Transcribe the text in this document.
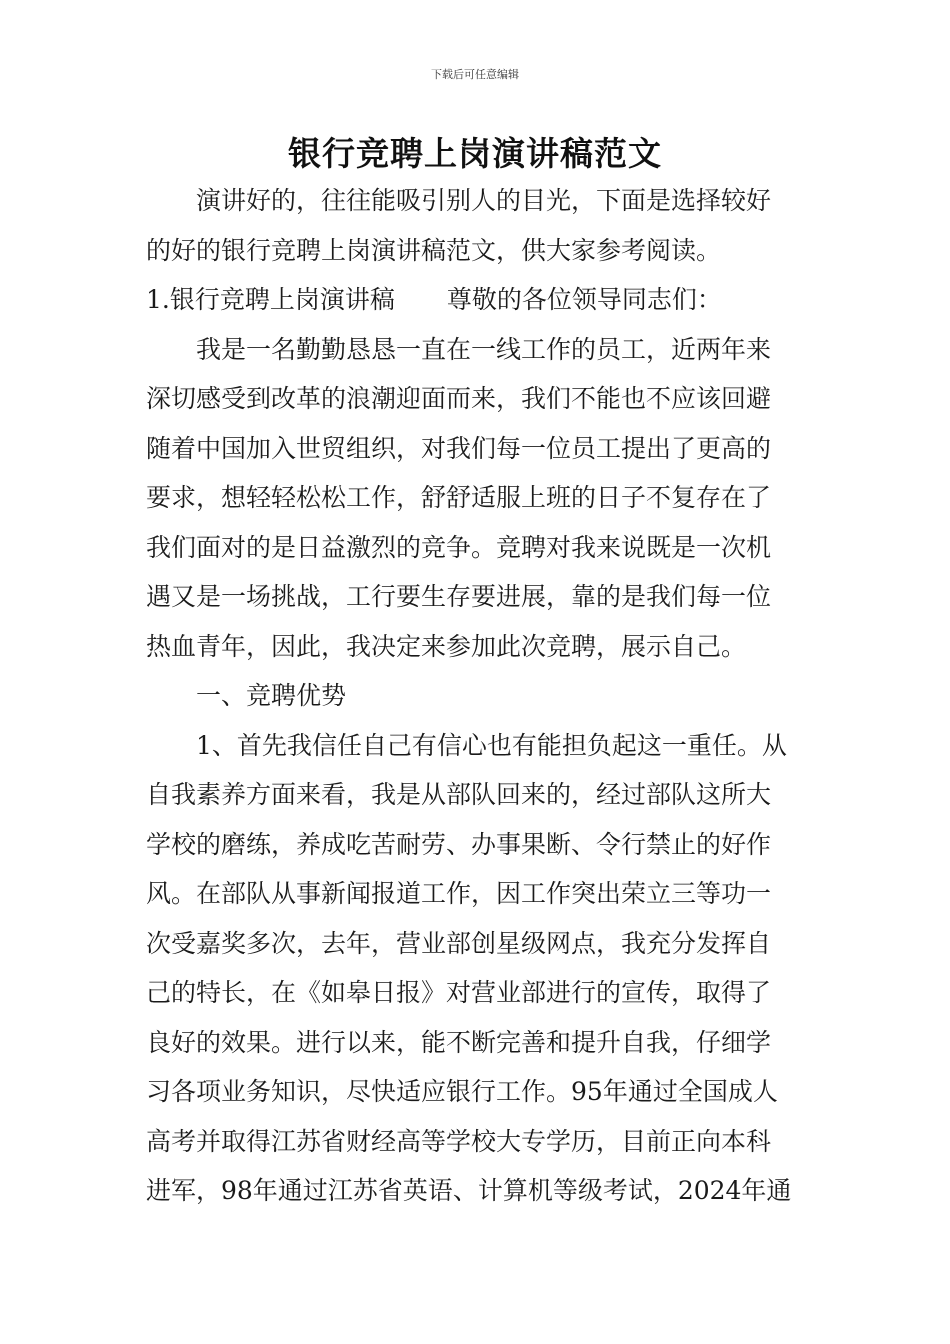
下载后可任意编辑
银行竞聘上岗演讲稿范文
演讲好的，往往能吸引别人的目光，下面是选择较好
的好的银行竞聘上岗演讲稿范文，供大家参考阅读。
1.银行竞聘上岗演讲稿 尊敬的各位领导同志们：
我是一名勤勤恳恳一直在一线工作的员工，近两年来
深切感受到改革的浪潮迎面而来，我们不能也不应该回避
随着中国加入世贸组织，对我们每一位员工提出了更高的
要求，想轻轻松松工作，舒舒适服上班的日子不复存在了
我们面对的是日益激烈的竞争。竞聘对我来说既是一次机
遇又是一场挑战，工行要生存要进展，靠的是我们每一位
热血青年，因此，我决定来参加此次竞聘，展示自己。
一、竞聘优势
1、首先我信任自己有信心也有能担负起这一重任。从
自我素养方面来看，我是从部队回来的，经过部队这所大
学校的磨练，养成吃苦耐劳、办事果断、令行禁止的好作
风。在部队从事新闻报道工作，因工作突出荣立三等功一
次受嘉奖多次，去年，营业部创星级网点，我充分发挥自
己的特长，在《如皋日报》对营业部进行的宣传，取得了
良好的效果。进行以来，能不断完善和提升自我，仔细学
习各项业务知识，尽快适应银行工作。95年通过全国成人
高考并取得江苏省财经高等学校大专学历，目前正向本科
进军，98年通过江苏省英语、计算机等级考试，2024年通
